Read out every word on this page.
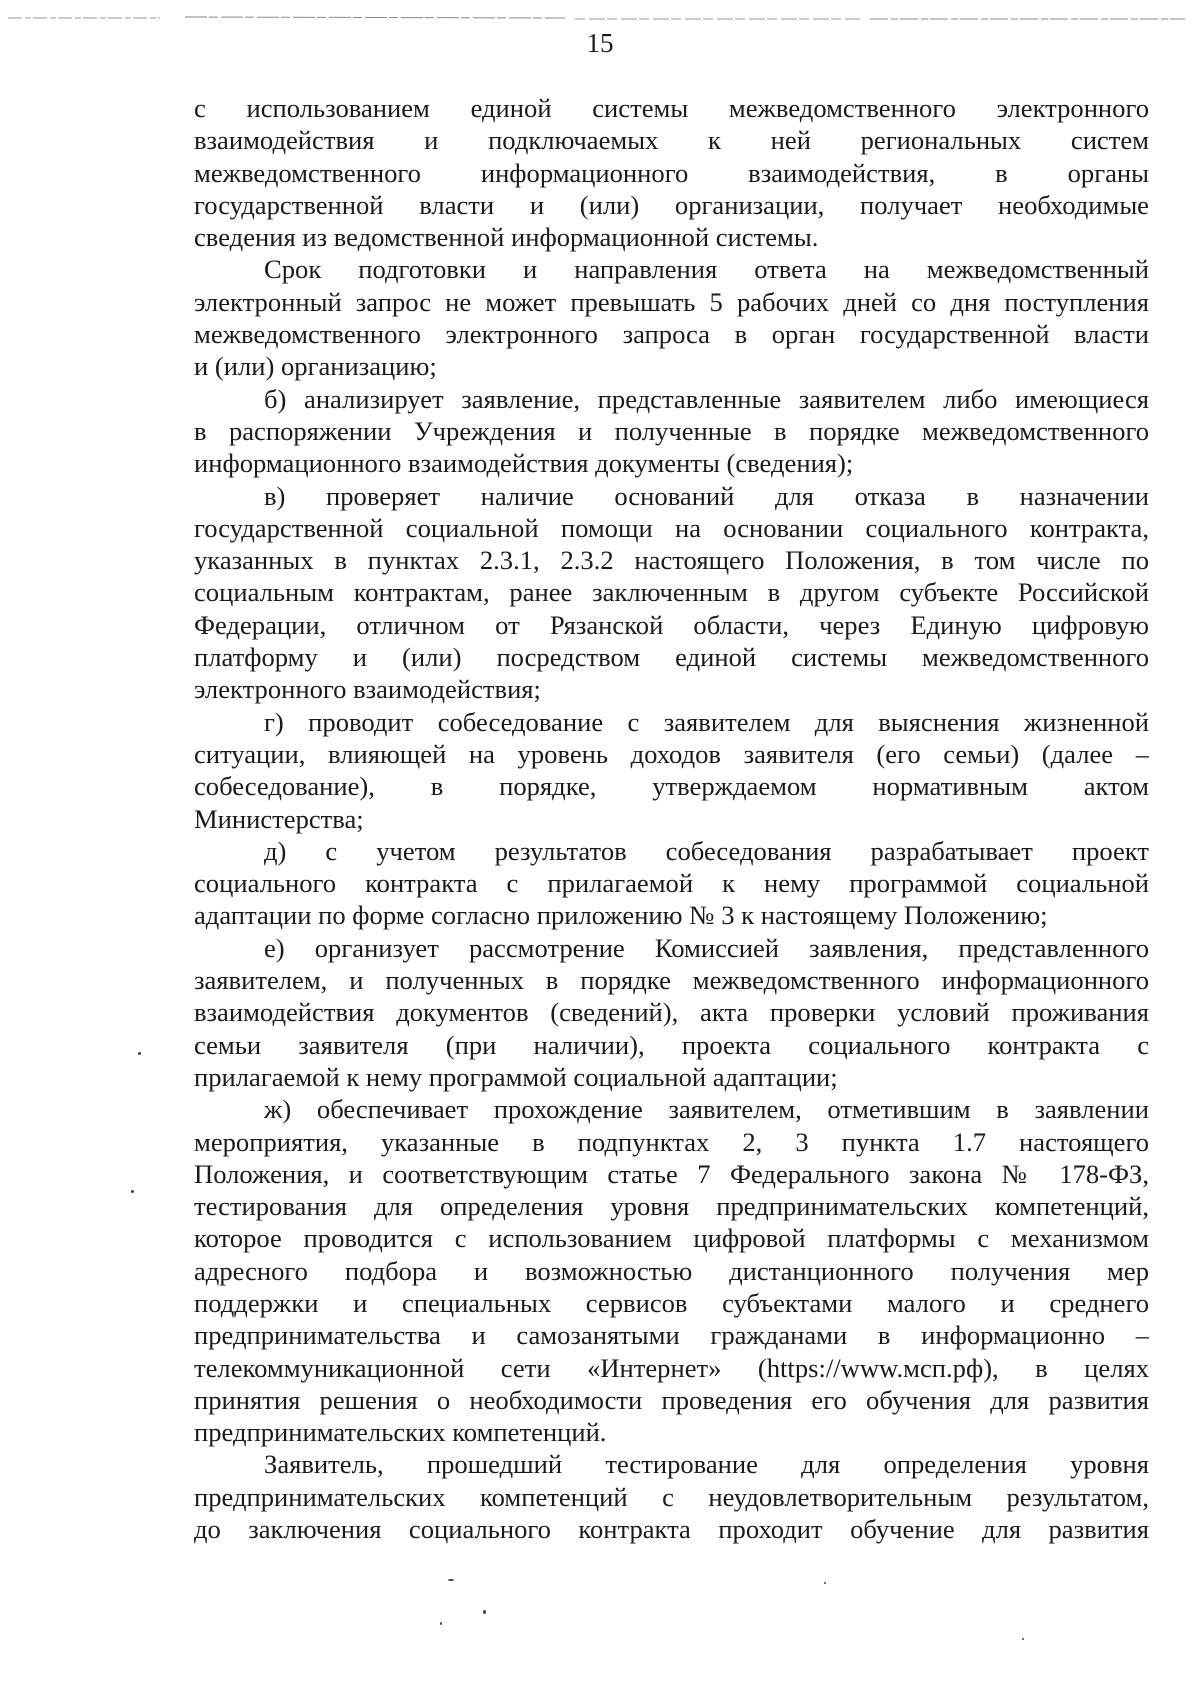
15

с использованием единой системы межведомственного электронного
взаимодействия и подключаемых к ней региональных систем
межведомственного информационного взаимодействия, в органы
государственной власти и (или) организации, получает необходимые
сведения из ведомственной информационной системы.

Срок подготовки и направления ответа на межведомственный
электронный запрос не может превышать 5 рабочих дней со дня поступления
межведомственного электронного запроса в орган государственной власти
и (или) организацию;

б) анализирует заявление, представленные заявителем либо имеющиеся
в распоряжении Учреждения и полученные в порядке межведомственного
информационного взаимодействия документы (сведения);

в) проверяет наличие оснований для отказа в назначении
государственной социальной помощи на основании социального контракта,
указанных в пунктах 2.3.1, 2.3.2 настоящего Положения, в том числе по
социальным контрактам, ранее заключенным в другом субъекте Российской
Федерации, отличном от Рязанской области, через Единую цифровую
платформу и (или) посредством единой системы межведомственного
электронного взаимодействия;

г) проводит собеседование с заявителем для выяснения жизненной
ситуации, влияющей на уровень доходов заявителя (его семьи) (далее –
собеседование), в порядке, утверждаемом нормативным актом
Министерства;

д) с учетом результатов собеседования разрабатывает проект
социального контракта с прилагаемой к нему программой социальной
адаптации по форме согласно приложению № 3 к настоящему Положению;

е) организует рассмотрение Комиссией заявления, представленного
заявителем, и полученных в порядке межведомственного информационного
взаимодействия документов (сведений), акта проверки условий проживания
семьи заявителя (при наличии), проекта социального контракта с
прилагаемой к нему программой социальной адаптации;

ж) обеспечивает прохождение заявителем, отметившим в заявлении
мероприятия, указанные в подпунктах 2, 3 пункта 1.7 настоящего
Положения, и соответствующим статье 7 Федерального закона № 178-ФЗ,
тестирования для определения уровня предпринимательских компетенций,
которое проводится с использованием цифровой платформы с механизмом
адресного подбора и возможностью дистанционного получения мер
поддержки и специальных сервисов субъектами малого и среднего
предпринимательства и самозанятыми гражданами в информационно –
телекоммуникационной сети «Интернет» (https://www.мсп.рф), в целях
принятия решения о необходимости проведения его обучения для развития
предпринимательских компетенций.

Заявитель, прошедший тестирование для определения уровня
предпринимательских компетенций с неудовлетворительным результатом,
до заключения социального контракта проходит обучение для развития
